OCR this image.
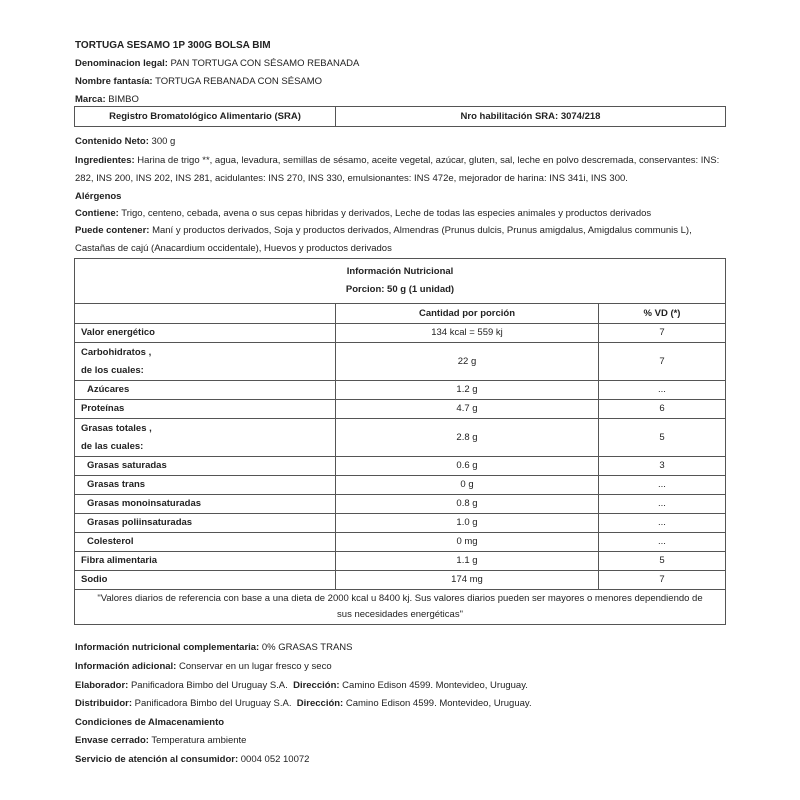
TORTUGA SESAMO 1P 300G BOLSA BIM
Denominacion legal: PAN TORTUGA CON SÉSAMO REBANADA
Nombre fantasía: TORTUGA REBANADA CON SÉSAMO
Marca: BIMBO
Registro Bromatológico Alimentario (SRA)	Nro habilitación SRA: 3074/218
Contenido Neto: 300 g
Ingredientes: Harina de trigo **, agua, levadura, semillas de sésamo, aceite vegetal, azúcar, gluten, sal, leche en polvo descremada, conservantes: INS: 282, INS 200, INS 202, INS 281, acidulantes: INS 270, INS 330, emulsionantes: INS 472e, mejorador de harina: INS 341i, INS 300.
Alérgenos
Contiene: Trigo, centeno, cebada, avena o sus cepas hibridas y derivados, Leche de todas las especies animales y productos derivados
Puede contener: Maní y productos derivados, Soja y productos derivados, Almendras (Prunus dulcis, Prunus amigdalus, Amigdalus communis L), Castañas de cajú (Anacardium occidentale), Huevos y productos derivados
Información Nutricional
Porcion: 50 g (1 unidad)		

	Cantidad por porción	% VD (*)
Valor energético	134 kcal = 559 kj	7
Carbohidratos ,
de los cuales:	22 g	7
Azúcares	1.2 g	...
Proteínas	4.7 g	6
Grasas totales ,
de las cuales:	2.8 g	5
Grasas saturadas	0.6 g	3
Grasas trans	0 g	...
Grasas monoinsaturadas	0.8 g	...
Grasas poliinsaturadas	1.0 g	...
Colesterol	0 mg	...
Fibra alimentaria	1.1 g	5
Sodio	174 mg	7
"Valores diarios de referencia con base a una dieta de 2000 kcal u 8400 kj. Sus valores diarios pueden ser mayores o menores dependiendo de sus necesidades energéticas"		
Información nutricional complementaria: 0% GRASAS TRANS
Información adicional: Conservar en un lugar fresco y seco
Elaborador: Panificadora Bimbo del Uruguay S.A. Dirección: Camino Edison 4599. Montevideo, Uruguay.
Distribuidor: Panificadora Bimbo del Uruguay S.A. Dirección: Camino Edison 4599. Montevideo, Uruguay.
Condiciones de Almacenamiento
Envase cerrado: Temperatura ambiente
Servicio de atención al consumidor: 0004 052 10072
